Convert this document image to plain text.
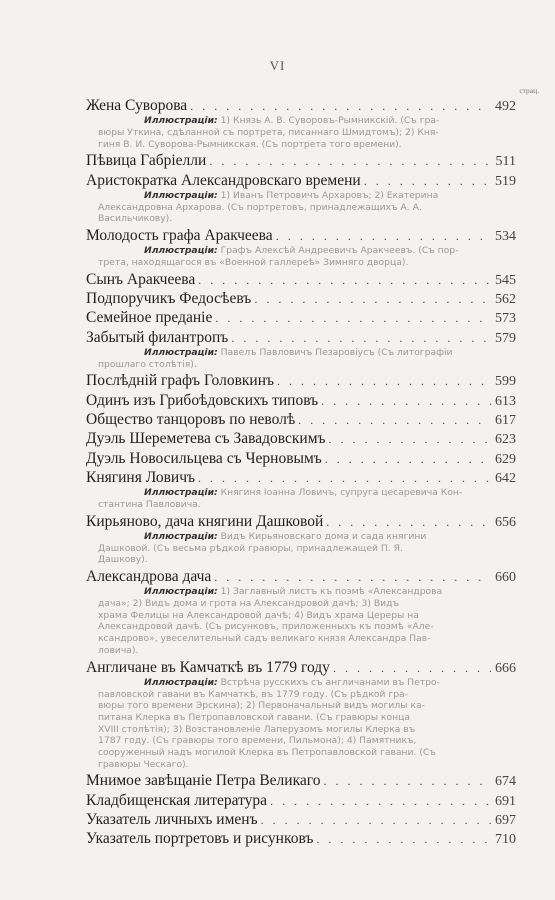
VI
страц.
Жена Суворова . . .	492
Иллюстраціи: 1) Князь А. В. Суворовъ-Рымникскій. (Съ гра-
вюры Уткина, сдѣланной съ портрета, писаннаго Шмидтомъ); 2) Кня-
гиня В. И. Суворова-Рымникская. (Съ портрета того времени).
Пѣвица Габріелли . . .	511
Аристократка Александровскаго времени . . .	519
Иллюстраціи: 1) Иванъ Петровичъ Архаровъ; 2) Екатерина
Александровна Архарова. (Съ портретовъ, принадлежащихъ А. А.
Васильчикову).
Молодость графа Аракчеева . . .	534
Иллюстраціи: Графъ Алексѣй Андреевичъ Аракчеевъ. (Съ пор-
трета, находящагося въ «Военной галлереѣ» Зимняго дворца).
Сынъ Аракчеева . . .	545
Подпоручикъ Федосѣевъ . . .	562
Семейное преданіе . . .	573
Забытый филантропъ . . .	579
Иллюстраціи: Павелъ Павловичъ Пезаровіусъ (Съ литографіи
прошлаго столѣтія).
Послѣдній графъ Головкинъ . . .	599
Одинъ изъ Грибоѣдовскихъ типовъ . . .	613
Общество танцоровъ по неволѣ . . .	617
Дуэль Шереметева съ Завадовскимъ . . .	623
Дуэль Новосильцева съ Черновымъ . . .	629
Княгиня Ловичъ . . .	642
Иллюстраціи: Княгиня Іоанна Ловичъ, супруга цесаревича Кон-
стантина Павловича.
Кирьяново, дача княгини Дашковой . . .	656
Иллюстраціи: Видъ Кирьяновскаго дома и сада княгини
Дашковой. (Съ весьма рѣдкой гравюры, принадлежащей П. Я.
Дашкову).
Александрова дача . . .	660
Иллюстраціи: 1) Заглавный листъ къ поэмѣ «Александрова
дача»; 2) Видъ дома и грота на Александровой дачѣ; 3) Видъ
храма Фелицы на Александровой дачѣ; 4) Видъ храма Цереры на
Александровой дачѣ. (Съ рисунковъ, приложенныхъ къ поэмѣ «Але-
ксандрово», увеселительный садъ великаго князя Александра Пав-
ловича).
Англичане въ Камчаткѣ въ 1779 году . . .	666
Иллюстраціи: Встрѣча русскихъ съ англичанами въ Петро-
павловской гавани въ Камчаткѣ, въ 1779 году. (Съ рѣдкой гра-
вюры того времени Эрскина); 2) Первоначальный видъ могилы ка-
питана Клерка въ Петропавловской гавани. (Съ гравюры конца
XVIII столѣтія); 3) Возстановленіе Лаперузомъ могилы Клерка въ
1787 году. (Съ гравюры того времени, Пильмона); 4) Памятникъ,
сооруженный надъ могилой Клерка въ Петропавловской гавани. (Съ
гравюры Ческаго).
Мнимое завѣщаніе Петра Великаго . . .	674
Кладбищенская литература . . .	691
Указатель личныхъ именъ . . .	697
Указатель портретовъ и рисунковъ . . .	710
